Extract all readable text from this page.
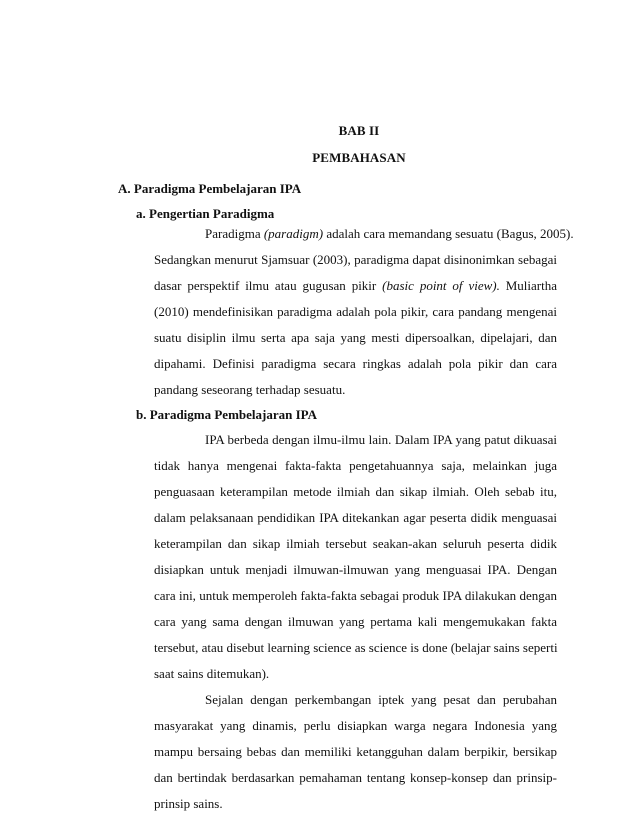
BAB II
PEMBAHASAN
A. Paradigma Pembelajaran IPA
a. Pengertian Paradigma
Paradigma (paradigm) adalah cara memandang sesuatu (Bagus, 2005).
Sedangkan menurut Sjamsuar (2003), paradigma dapat disinonimkan sebagai
dasar perspektif ilmu atau gugusan pikir (basic point of view). Muliartha
(2010) mendefinisikan paradigma adalah pola pikir, cara pandang mengenai
suatu disiplin ilmu serta apa saja yang mesti dipersoalkan, dipelajari, dan
dipahami. Definisi paradigma secara ringkas adalah pola pikir dan cara
pandang seseorang terhadap sesuatu.
b. Paradigma Pembelajaran IPA
IPA berbeda dengan ilmu-ilmu lain. Dalam IPA yang patut dikuasai
tidak hanya mengenai fakta-fakta pengetahuannya saja, melainkan juga
penguasaan keterampilan metode ilmiah dan sikap ilmiah. Oleh sebab itu,
dalam pelaksanaan pendidikan IPA ditekankan agar peserta didik menguasai
keterampilan dan sikap ilmiah tersebut seakan-akan seluruh peserta didik
disiapkan untuk menjadi ilmuwan-ilmuwan yang menguasai IPA. Dengan
cara ini, untuk memperoleh fakta-fakta sebagai produk IPA dilakukan dengan
cara yang sama dengan ilmuwan yang pertama kali mengemukakan fakta
tersebut, atau disebut learning science as science is done (belajar sains seperti
saat sains ditemukan).
Sejalan dengan perkembangan iptek yang pesat dan perubahan
masyarakat yang dinamis, perlu disiapkan warga negara Indonesia yang
mampu bersaing bebas dan memiliki ketangguhan dalam berpikir, bersikap
dan bertindak berdasarkan pemahaman tentang konsep-konsep dan prinsip-
prinsip sains.
